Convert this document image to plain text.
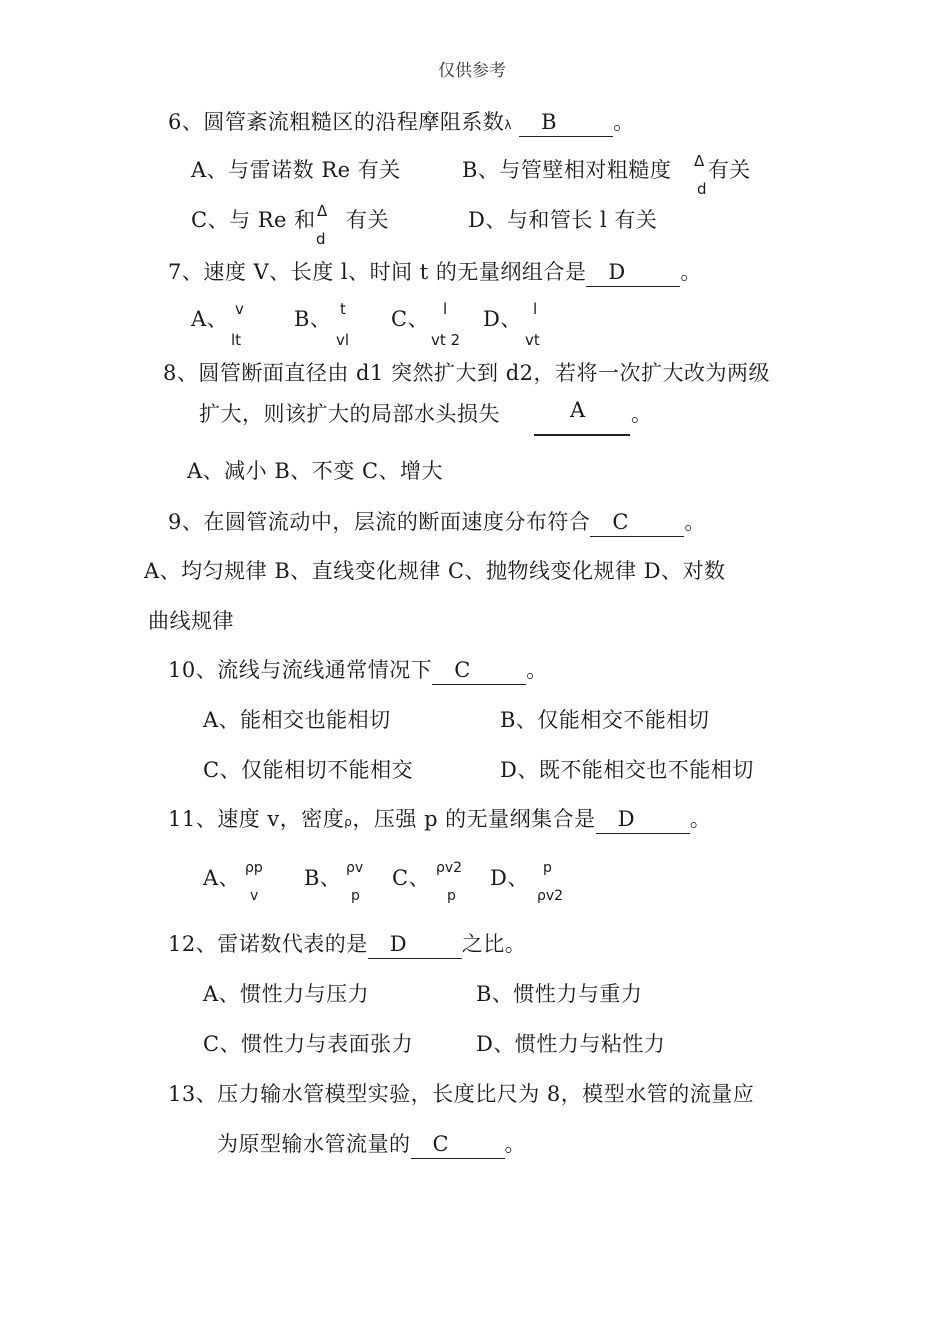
仅供参考
6、圆管紊流粗糙区的沿程摩阻系数λ B	。
A、与雷诺数 Re 有关	B、与管壁相对粗糙度 有关
Δ
d
C、与 Re 和 有关
Δ
d
D、与和管长 l 有关
7、速度 V、长度 l、时间 t 的无量纲组合是 D	。
A、 v
lt
B、 t
vl
C、 l
vt 2
D、 l
vt
8、圆管断面直径由 d1 突然扩大到 d2，若将一次扩大改为两级
扩大，则该扩大的局部水头损失	A	。
A、减小 B、不变 C、增大
9、在圆管流动中，层流的断面速度分布符合 C	。
A、均匀规律 B、直线变化规律 C、抛物线变化规律 D、对数
曲线规律
10、流线与流线通常情况下 C	。
A、能相交也能相切	B、仅能相交不能相切
C、仅能相切不能相交	D、既不能相交也不能相切
11、速度 v，密度ρ，压强 p 的无量纲集合是 D	。
A、 ρp
v
B、 ρv
p
C、 ρv2
p
D、 p
ρv2
12、雷诺数代表的是 D	之比。
A、惯性力与压力	B、惯性力与重力
C、惯性力与表面张力	D、惯性力与粘性力
13、压力输水管模型实验，长度比尺为 8，模型水管的流量应
为原型输水管流量的 C	。
